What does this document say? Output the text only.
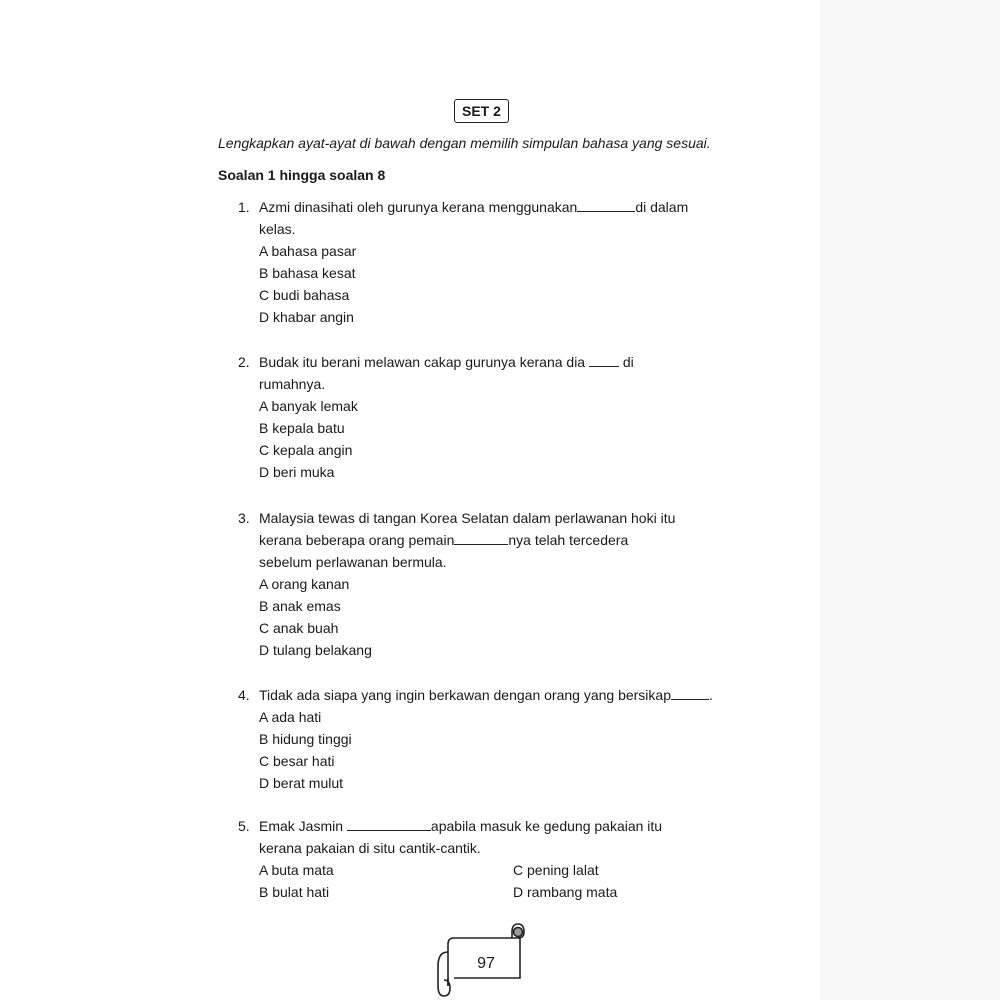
SET 2
Lengkapkan ayat-ayat di bawah dengan memilih simpulan bahasa yang sesuai.
Soalan 1 hingga soalan 8
1. Azmi dinasihati oleh gurunya kerana menggunakan	di dalam
kelas.
A bahasa pasar
B bahasa kesat
C budi bahasa
D khabar angin
2. Budak itu berani melawan cakap gurunya kerana dia	di
rumahnya.
A banyak lemak
B kepala batu
C kepala angin
D beri muka
3. Malaysia tewas di tangan Korea Selatan dalam perlawanan hoki itu
kerana beberapa orang pemain	nya telah tercedera
sebelum perlawanan bermula.
A orang kanan
B anak emas
C anak buah
D tulang belakang
4. Tidak ada siapa yang ingin berkawan dengan orang yang bersikap	.
A ada hati
B hidung tinggi
C besar hati
D berat mulut
5. Emak Jasmin	apabila masuk ke gedung pakaian itu
kerana pakaian di situ cantik-cantik.
A buta mata	C pening lalat
B bulat hati	D rambang mata
97
